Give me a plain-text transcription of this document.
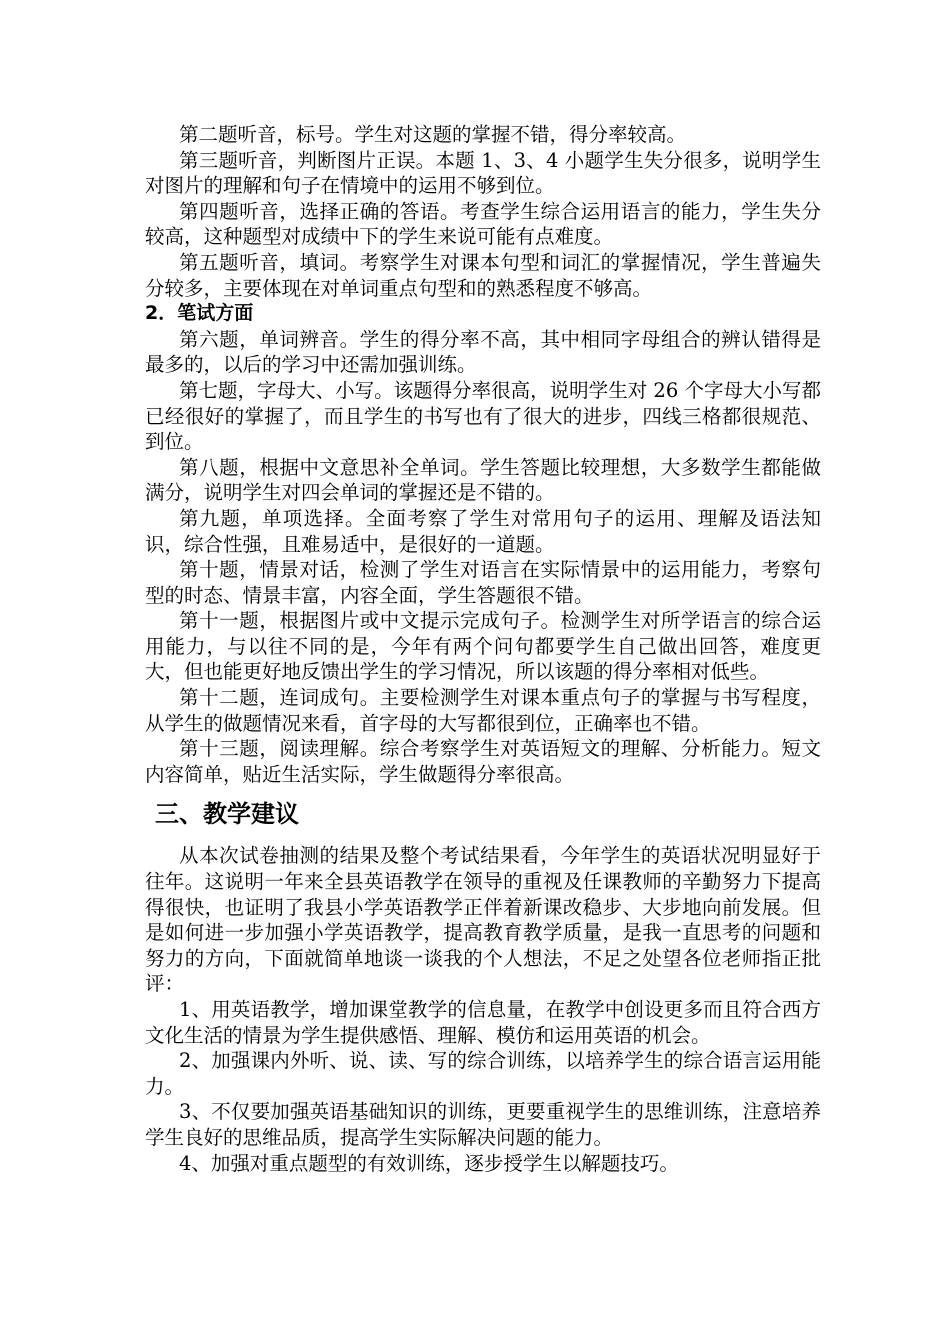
第二题听音，标号。学生对这题的掌握不错，得分率较高。

第三题听音，判断图片正误。本题 1、3、4 小题学生失分很多，说明学生对图片的理解和句子在情境中的运用不够到位。

第四题听音，选择正确的答语。考查学生综合运用语言的能力，学生失分较高，这种题型对成绩中下的学生来说可能有点难度。

第五题听音，填词。考察学生对课本句型和词汇的掌握情况，学生普遍失分较多，主要体现在对单词重点句型和的熟悉程度不够高。

2．笔试方面

第六题，单词辨音。学生的得分率不高，其中相同字母组合的辨认错得是最多的，以后的学习中还需加强训练。

第七题，字母大、小写。该题得分率很高，说明学生对 26 个字母大小写都已经很好的掌握了，而且学生的书写也有了很大的进步，四线三格都很规范、到位。

第八题，根据中文意思补全单词。学生答题比较理想，大多数学生都能做满分，说明学生对四会单词的掌握还是不错的。

第九题，单项选择。全面考察了学生对常用句子的运用、理解及语法知识，综合性强，且难易适中，是很好的一道题。

第十题，情景对话，检测了学生对语言在实际情景中的运用能力，考察句型的时态、情景丰富，内容全面，学生答题很不错。

第十一题，根据图片或中文提示完成句子。检测学生对所学语言的综合运用能力，与以往不同的是，今年有两个问句都要学生自己做出回答，难度更大，但也能更好地反馈出学生的学习情况，所以该题的得分率相对低些。

第十二题，连词成句。主要检测学生对课本重点句子的掌握与书写程度，从学生的做题情况来看，首字母的大写都很到位，正确率也不错。

第十三题，阅读理解。综合考察学生对英语短文的理解、分析能力。短文内容简单，贴近生活实际，学生做题得分率很高。

三、教学建议

从本次试卷抽测的结果及整个考试结果看，今年学生的英语状况明显好于往年。这说明一年来全县英语教学在领导的重视及任课教师的辛勤努力下提高得很快，也证明了我县小学英语教学正伴着新课改稳步、大步地向前发展。但是如何进一步加强小学英语教学，提高教育教学质量，是我一直思考的问题和努力的方向，下面就简单地谈一谈我的个人想法，不足之处望各位老师指正批评：

1、用英语教学，增加课堂教学的信息量，在教学中创设更多而且符合西方文化生活的情景为学生提供感悟、理解、模仿和运用英语的机会。

2、加强课内外听、说、读、写的综合训练，以培养学生的综合语言运用能力。

3、不仅要加强英语基础知识的训练，更要重视学生的思维训练，注意培养学生良好的思维品质，提高学生实际解决问题的能力。

4、加强对重点题型的有效训练，逐步授学生以解题技巧。
